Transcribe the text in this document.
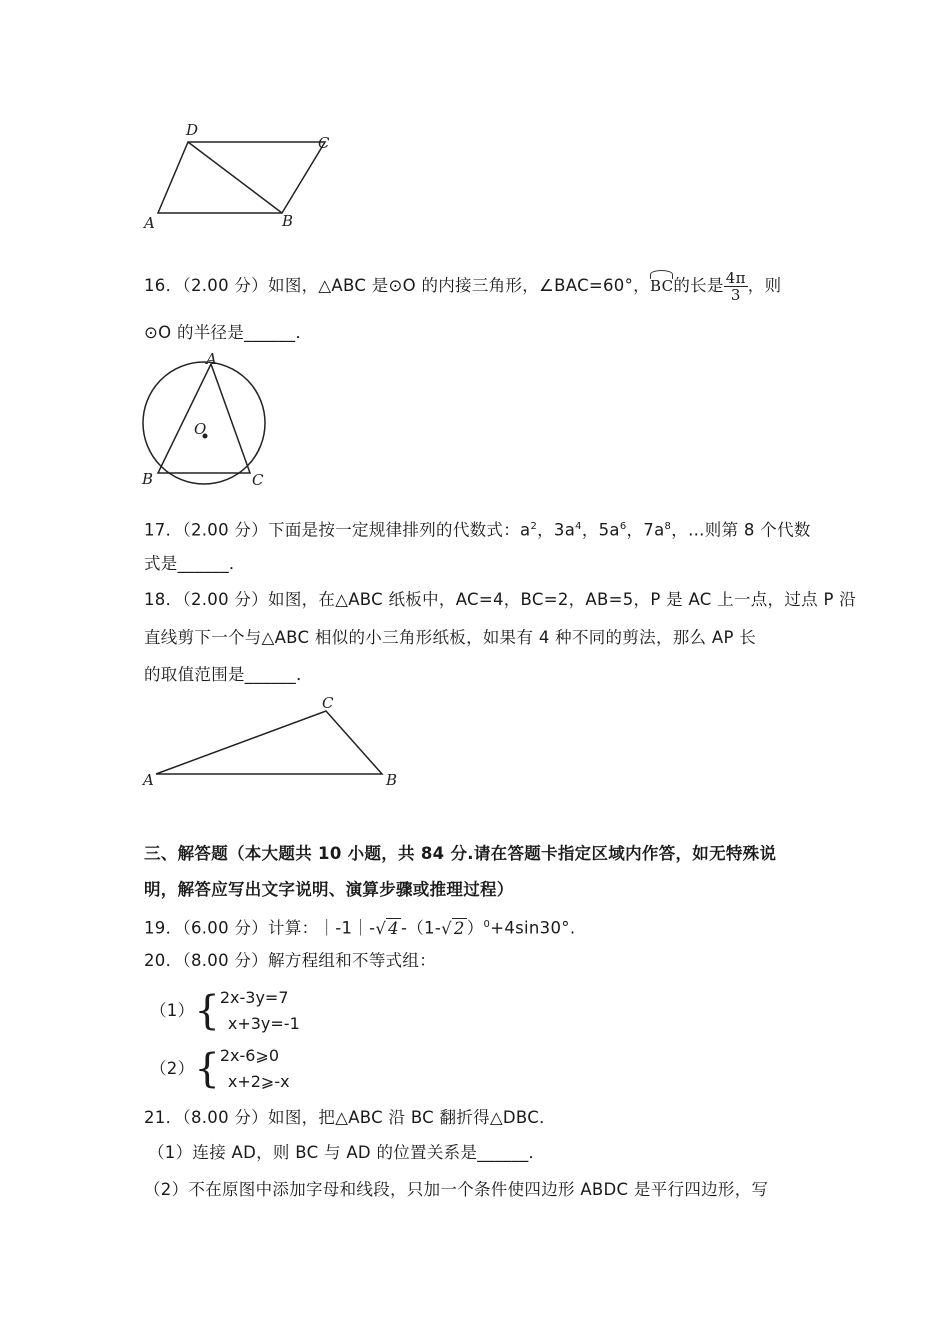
D
C
A	B
16．（2.00 分）如图，△ABC 是⊙O 的内接三角形，∠BAC=60°，BC的长是 $\frac{4\pi}{3}$ ，则
⊙O 的半径是______．
A
O
B	C
17．（2.00 分）下面是按一定规律排列的代数式：$a^2$，$3a^4$，$5a^6$，$7a^8$，…则第 8 个代数
式是______．
18．（2.00 分）如图，在△ABC 纸板中，AC=4，BC=2，AB=5，P 是 AC 上一点，过点 P 沿
直线剪下一个与△ABC 相似的小三角形纸板，如果有 4 种不同的剪法，那么 AP 长
的取值范围是______．
C
A	B
三、解答题（本大题共 10 小题，共 84 分.请在答题卡指定区域内作答，如无特殊说
明，解答应写出文字说明、演算步骤或推理过程）
19．（6.00 分）计算：｜-1｜-√ 4 -（1-√ 2 ）$^0$+4sin30°.
20．（8.00 分）解方程组和不等式组：
（1）{ 2x-3y=7
x+3y=-1
（2）{ 2x-6⩾0
x+2⩾-x
21．（8.00 分）如图，把△ABC 沿 BC 翻折得△DBC．
（1）连接 AD，则 BC 与 AD 的位置关系是______．
（2）不在原图中添加字母和线段，只加一个条件使四边形 ABDC 是平行四边形，写
